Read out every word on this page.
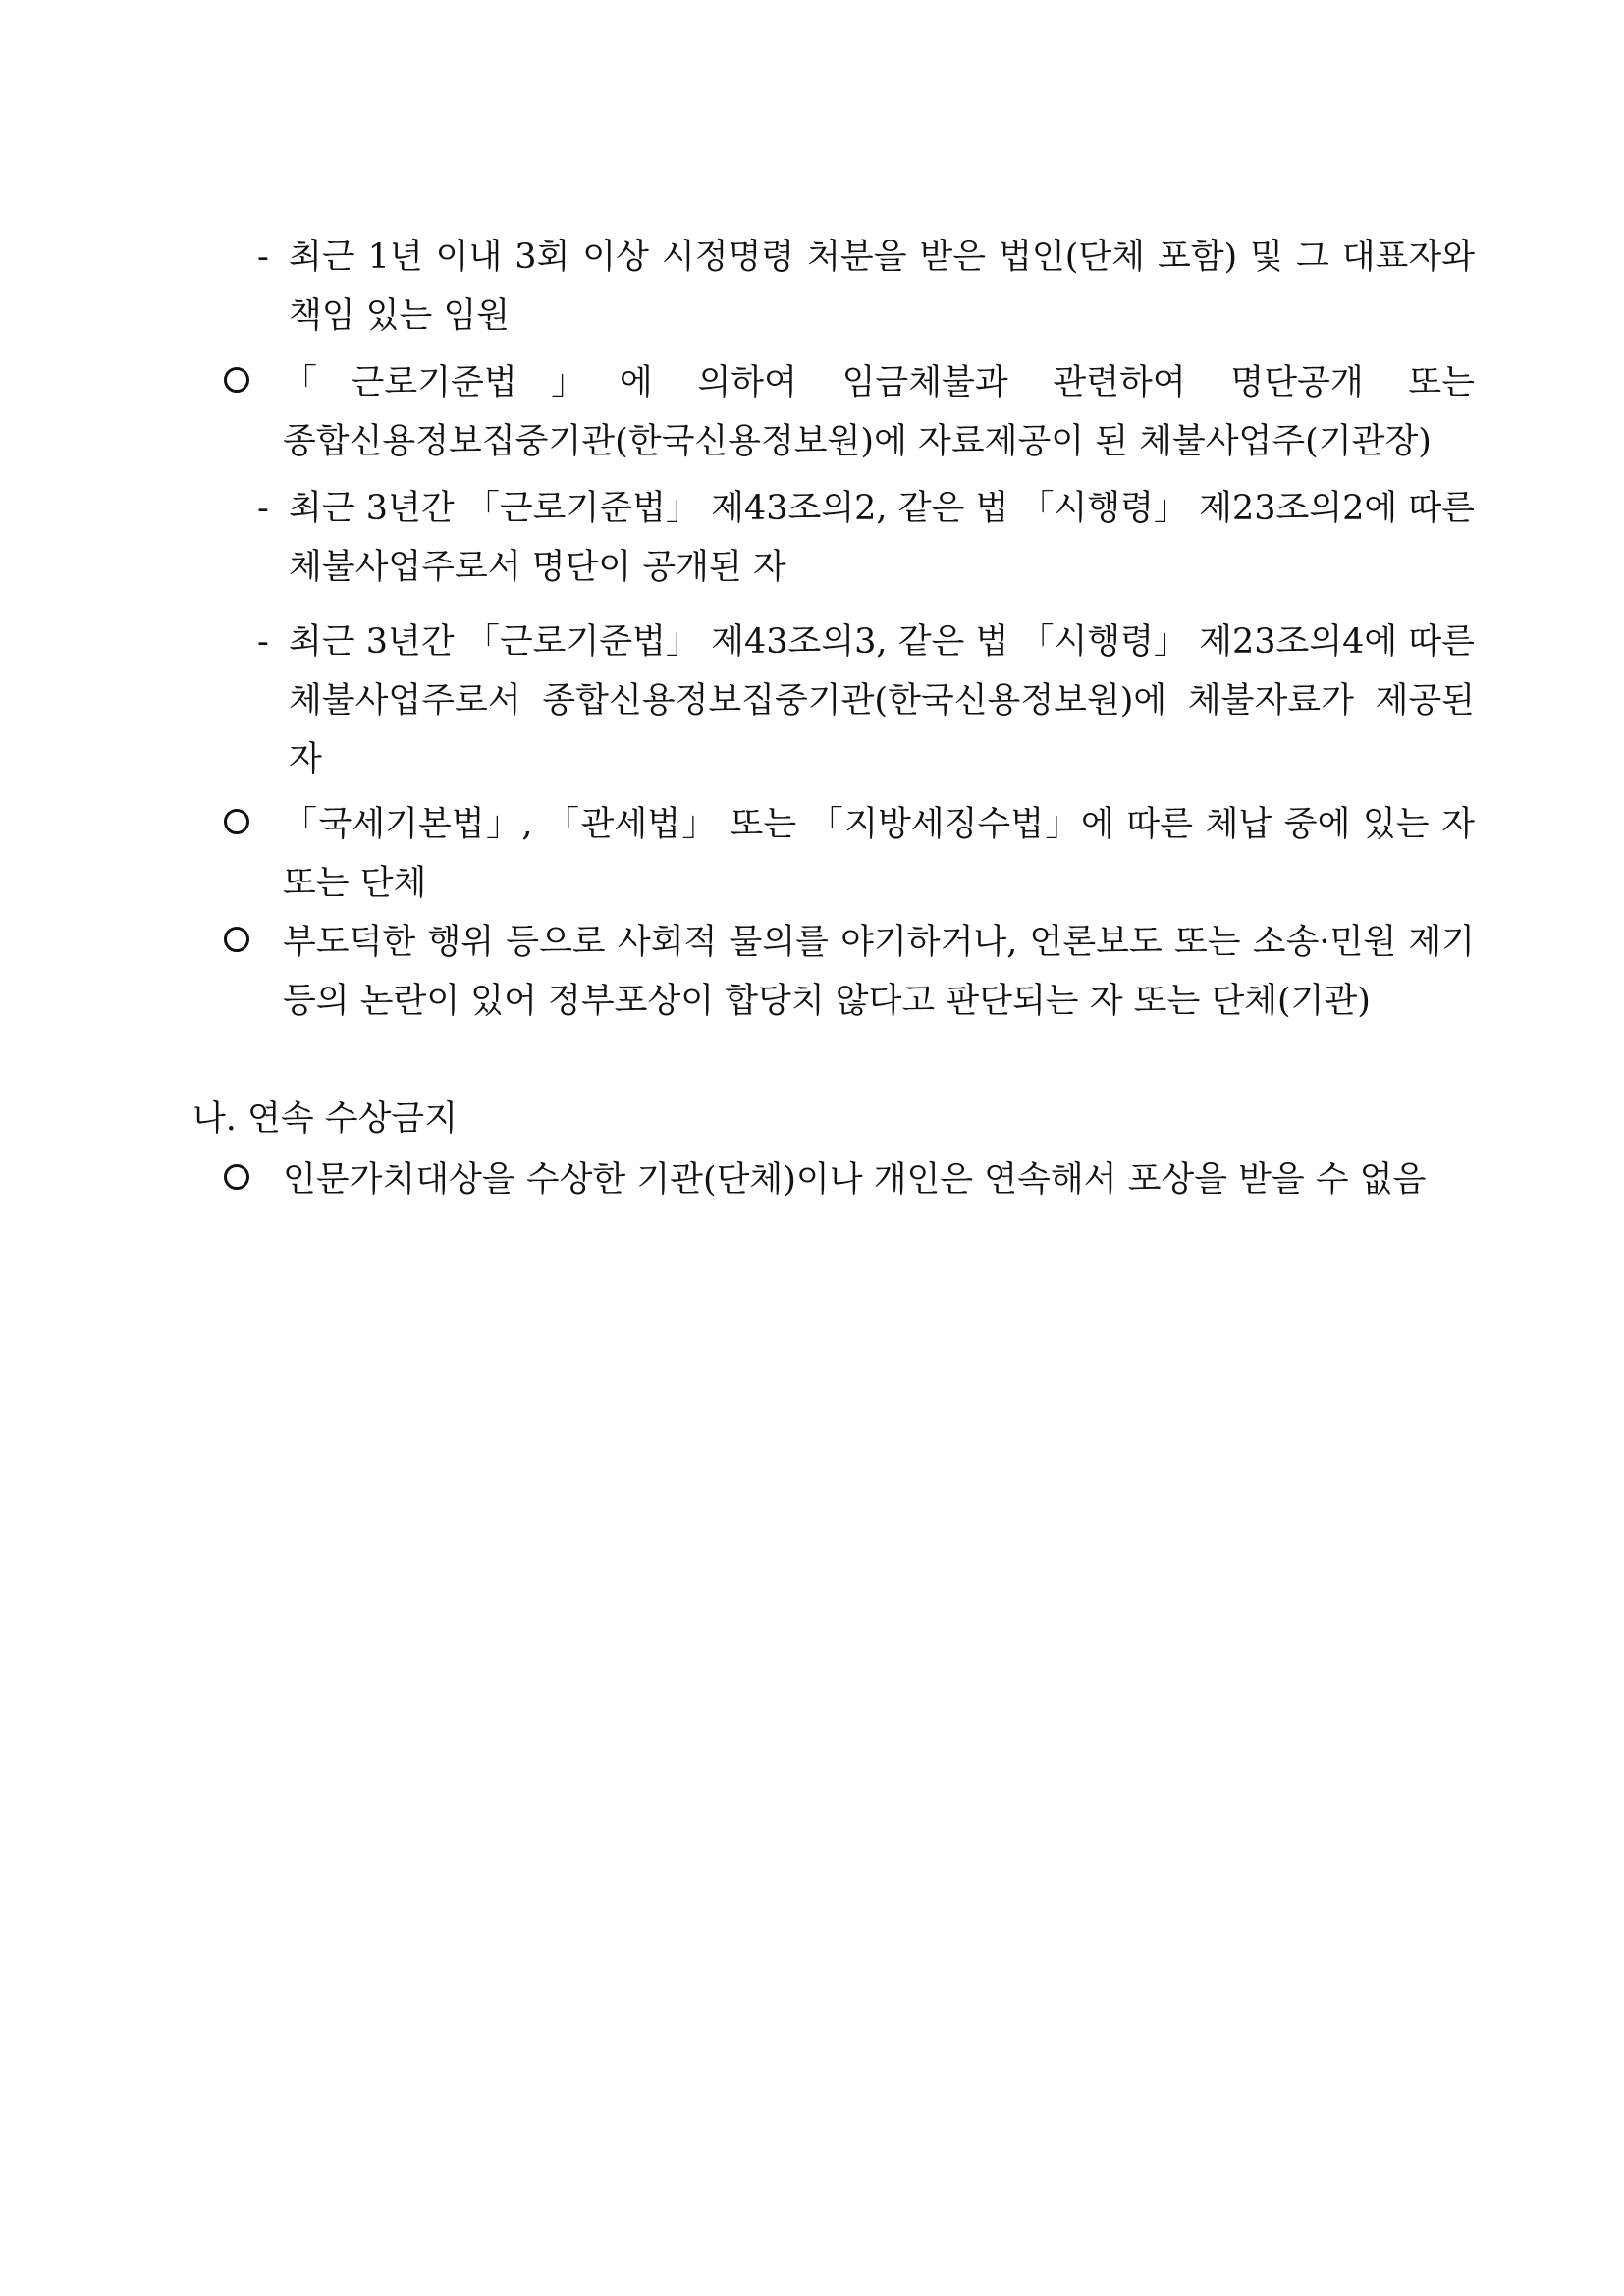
- 최근 1년 이내 3회 이상 시정명령 처분을 받은 법인(단체 포함) 및 그 대표자와 책임 있는 임원
「근로기준법」에 의하여 임금체불과 관련하여 명단공개 또는 종합신용정보집중기관(한국신용정보원)에 자료제공이 된 체불사업주(기관장)
- 최근 3년간 「근로기준법」 제43조의2, 같은 법 「시행령」 제23조의2에 따른 체불사업주로서 명단이 공개된 자
- 최근 3년간 「근로기준법」 제43조의3, 같은 법 「시행령」 제23조의4에 따른 체불사업주로서 종합신용정보집중기관(한국신용정보원)에 체불자료가 제공된 자
「국세기본법」, 「관세법」 또는 「지방세징수법」에 따른 체납 중에 있는 자 또는 단체
부도덕한 행위 등으로 사회적 물의를 야기하거나, 언론보도 또는 소송·민원 제기 등의 논란이 있어 정부포상이 합당치 않다고 판단되는 자 또는 단체(기관)
나. 연속 수상금지
인문가치대상을 수상한 기관(단체)이나 개인은 연속해서 포상을 받을 수 없음
